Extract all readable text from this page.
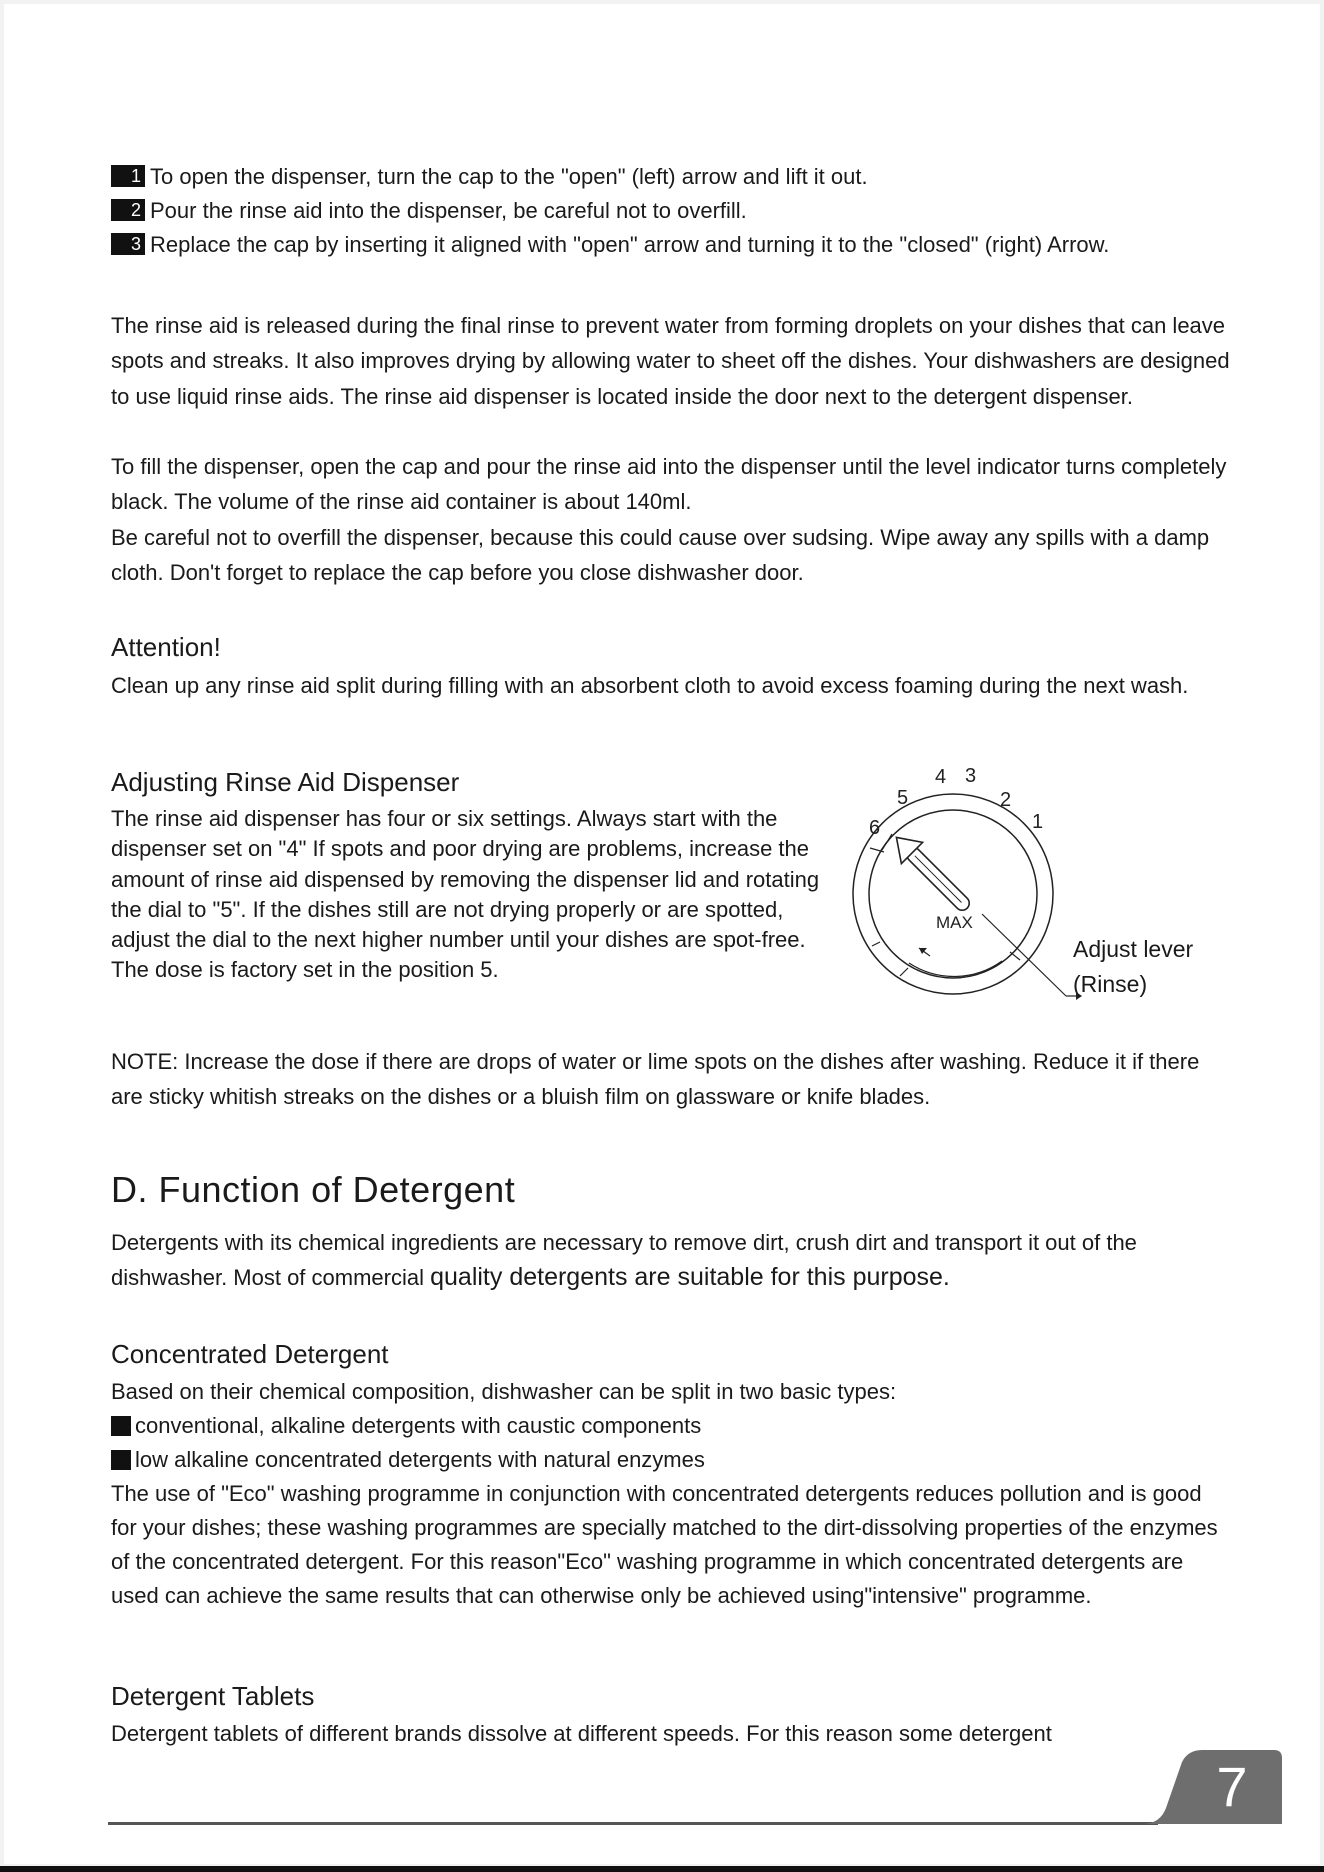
1 To open the dispenser, turn the cap to the "open" (left) arrow and lift it out.
2 Pour the rinse aid into the dispenser, be careful not to overfill.
3 Replace the cap by inserting it aligned with "open" arrow and turning it to the "closed" (right) Arrow.

The rinse aid is released during the final rinse to prevent water from forming droplets on your dishes that can leave spots and streaks. It also improves drying by allowing water to sheet off the dishes. Your dishwashers are designed to use liquid rinse aids. The rinse aid dispenser is located inside the door next to the detergent dispenser.

To fill the dispenser, open the cap and pour the rinse aid into the dispenser until the level indicator turns completely black. The volume of the rinse aid container is about 140ml.

Be careful not to overfill the dispenser, because this could cause over sudsing. Wipe away any spills with a damp cloth. Don't forget to replace the cap before you close dishwasher door.

Attention!

Clean up any rinse aid split during filling with an absorbent cloth to avoid excess foaming during the next wash.

Adjusting Rinse Aid Dispenser

The rinse aid dispenser has four or six settings. Always start with the dispenser set on "4" If spots and poor drying are problems, increase the amount of rinse aid dispensed by removing the dispenser lid and rotating the dial to "5". If the dishes still are not drying properly or are spotted, adjust the dial to the next higher number until your dishes are spot-free. The dose is factory set in the position 5.

MAX
1
2
3
4
5
6
Adjust lever
(Rinse)

NOTE: Increase the dose if there are drops of water or lime spots on the dishes after washing. Reduce it if there are sticky whitish streaks on the dishes or a bluish film on glassware or knife blades.

D. Function of Detergent

Detergents with its chemical ingredients are necessary to remove dirt, crush dirt and transport it out of the dishwasher. Most of commercial quality detergents are suitable for this purpose.

Concentrated Detergent
Based on their chemical composition, dishwasher can be split in two basic types:
conventional, alkaline detergents with caustic components
low alkaline concentrated detergents with natural enzymes
The use of "Eco" washing programme in conjunction with concentrated detergents reduces pollution and is good for your dishes; these washing programmes are specially matched to the dirt-dissolving properties of the enzymes of the concentrated detergent. For this reason"Eco" washing programme in which concentrated detergents are used can achieve the same results that can otherwise only be achieved using"intensive" programme.
Detergent Tablets

Detergent tablets of different brands dissolve at different speeds. For this reason some detergent

7
